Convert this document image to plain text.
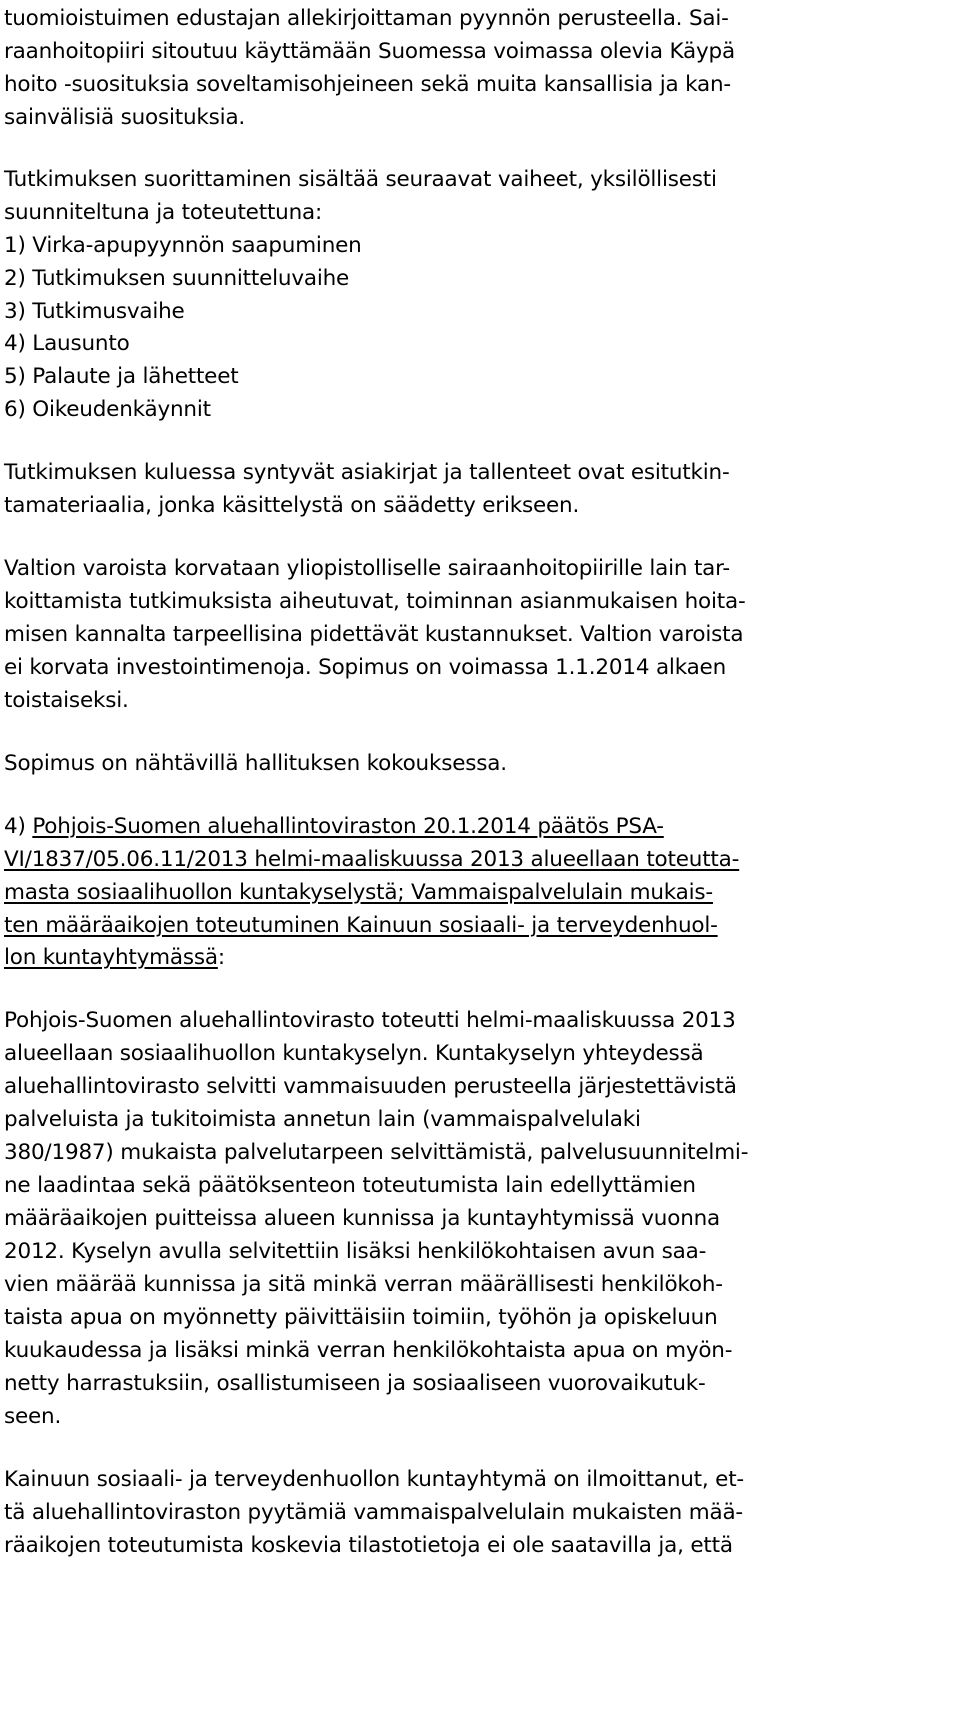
tuomioistuimen edustajan allekirjoittaman pyynnön perusteella. Sai-
raanhoitopiiri sitoutuu käyttämään Suomessa voimassa olevia Käypä
hoito -suosituksia soveltamisohjeineen sekä muita kansallisia ja kan-
sainvälisiä suosituksia.
Tutkimuksen suorittaminen sisältää seuraavat vaiheet, yksilöllisesti
suunniteltuna ja toteutettuna:
1) Virka-apupyynnön saapuminen
2) Tutkimuksen suunnitteluvaihe
3) Tutkimusvaihe
4) Lausunto
5) Palaute ja lähetteet
6) Oikeudenkäynnit
Tutkimuksen kuluessa syntyvät asiakirjat ja tallenteet ovat esitutkin-
tamateriaalia, jonka käsittelystä on säädetty erikseen.
Valtion varoista korvataan yliopistolliselle sairaanhoitopiirille lain tar-
koittamista tutkimuksista aiheutuvat, toiminnan asianmukaisen hoita-
misen kannalta tarpeellisina pidettävät kustannukset. Valtion varoista
ei korvata investointimenoja. Sopimus on voimassa 1.1.2014 alkaen
toistaiseksi.
Sopimus on nähtävillä hallituksen kokouksessa.
4) Pohjois-Suomen aluehallintoviraston 20.1.2014 päätös PSA-
VI/1837/05.06.11/2013 helmi-maaliskuussa 2013 alueellaan toteutta-
masta sosiaalihuollon kuntakyselystä; Vammaispalvelulain mukais-
ten määräaikojen toteutuminen Kainuun sosiaali- ja terveydenhuol-
lon kuntayhtymässä:
Pohjois-Suomen aluehallintovirasto toteutti helmi-maaliskuussa 2013
alueellaan sosiaalihuollon kuntakyselyn. Kuntakyselyn yhteydessä
aluehallintovirasto selvitti vammaisuuden perusteella järjestettävistä
palveluista ja tukitoimista annetun lain (vammaispalvelulaki
380/1987) mukaista palvelutarpeen selvittämistä, palvelusuunnitelmi-
ne laadintaa sekä päätöksenteon toteutumista lain edellyttämien
määräaikojen puitteissa alueen kunnissa ja kuntayhtymissä vuonna
2012. Kyselyn avulla selvitettiin lisäksi henkilökohtaisen avun saa-
vien määrää kunnissa ja sitä minkä verran määrällisesti henkilökoh-
taista apua on myönnetty päivittäisiin toimiin, työhön ja opiskeluun
kuukaudessa ja lisäksi minkä verran henkilökohtaista apua on myön-
netty harrastuksiin, osallistumiseen ja sosiaaliseen vuorovaikutuk-
seen.
Kainuun sosiaali- ja terveydenhuollon kuntayhtymä on ilmoittanut, et-
tä aluehallintoviraston pyytämiä vammaispalvelulain mukaisten mää-
räaikojen toteutumista koskevia tilastotietoja ei ole saatavilla ja, että
